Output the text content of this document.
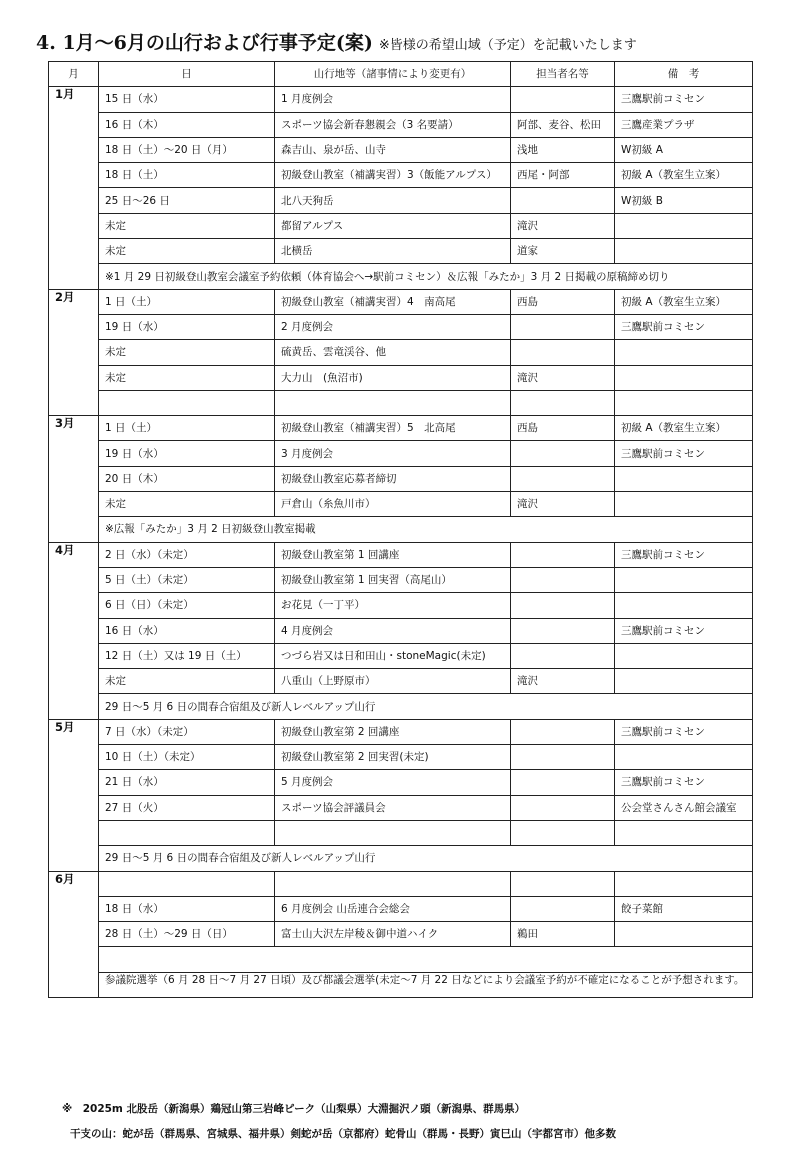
4. 1月〜6月の山行および行事予定(案) ※皆様の希望山域（予定）を記載いたします
月	日	山行地等（諸事情により変更有）	担当者名等	備　考
1月	15 日（水）	1 月度例会		三鷹駅前コミセン
	16 日（木）	スポーツ協会新春懇親会（3 名要請）	阿部、麦谷、松田	三鷹産業プラザ
	18 日（土）〜20 日（月）	森吉山、泉が岳、山寺	浅地	W初級 A
	18 日（土）	初級登山教室（補講実習）3（飯能アルプス）	西尾・阿部	初級 A（教室生立案）
	25 日〜26 日	北八天狗岳		W初級 B
	未定	都留アルプス	滝沢	
	未定	北横岳	道家	
	※1 月 29 日初級登山教室会議室予約依頼（体育協会へ→駅前コミセン）＆広報「みたか」3 月 2 日掲載の原稿締め切り			
2月	1 日（土）	初級登山教室（補講実習）4　南高尾	西島	初級 A（教室生立案）
	19 日（水）	2 月度例会		三鷹駅前コミセン
	未定	硫黄岳、雲竜渓谷、他		
	未定	大力山　(魚沼市)	滝沢	

3月	1 日（土）	初級登山教室（補講実習）5　北高尾	西島	初級 A（教室生立案）
	19 日（水）	3 月度例会		三鷹駅前コミセン
	20 日（木）	初級登山教室応募者締切		
	未定	戸倉山（糸魚川市）	滝沢	
	※広報「みたか」3 月 2 日初級登山教室掲載			
4月	2 日（水）（未定）	初級登山教室第 1 回講座		三鷹駅前コミセン
	5 日（土）（未定）	初級登山教室第 1 回実習（高尾山）		
	6 日（日）（未定）	お花見（一丁平）		
	16 日（水）	4 月度例会		三鷹駅前コミセン
	12 日（土）又は 19 日（土）	つづら岩又は日和田山・stoneMagic(未定)		
	未定	八重山（上野原市）	滝沢	
	29 日〜5 月 6 日の間春合宿組及び新人レベルアップ山行			
5月	7 日（水）（未定）	初級登山教室第 2 回講座		三鷹駅前コミセン
	10 日（土）（未定）	初級登山教室第 2 回実習(未定)		
	21 日（水）	5 月度例会		三鷹駅前コミセン
	27 日（火）	スポーツ協会評議員会		公会堂さんさん館会議室

	29 日〜5 月 6 日の間春合宿組及び新人レベルアップ山行			
6月				
	18 日（水）	6 月度例会 山岳連合会総会		餃子菜館
	28 日（土）〜29 日（日）	富士山大沢左岸稜＆御中道ハイク	鵜田	

	参議院選挙（6 月 28 日〜7 月 27 日頃）及び都議会選挙(未定〜7 月 22 日などにより会議室予約が不確定になることが予想されます。			
※　2025m 北股岳（新潟県）鶏冠山第三岩峰ピーク（山梨県）大淵掘沢ノ頭（新潟県、群馬県）
干支の山：蛇が岳（群馬県、宮城県、福井県）剣蛇が岳（京都府）蛇骨山（群馬・長野）寅巳山（宇都宮市）他多数
